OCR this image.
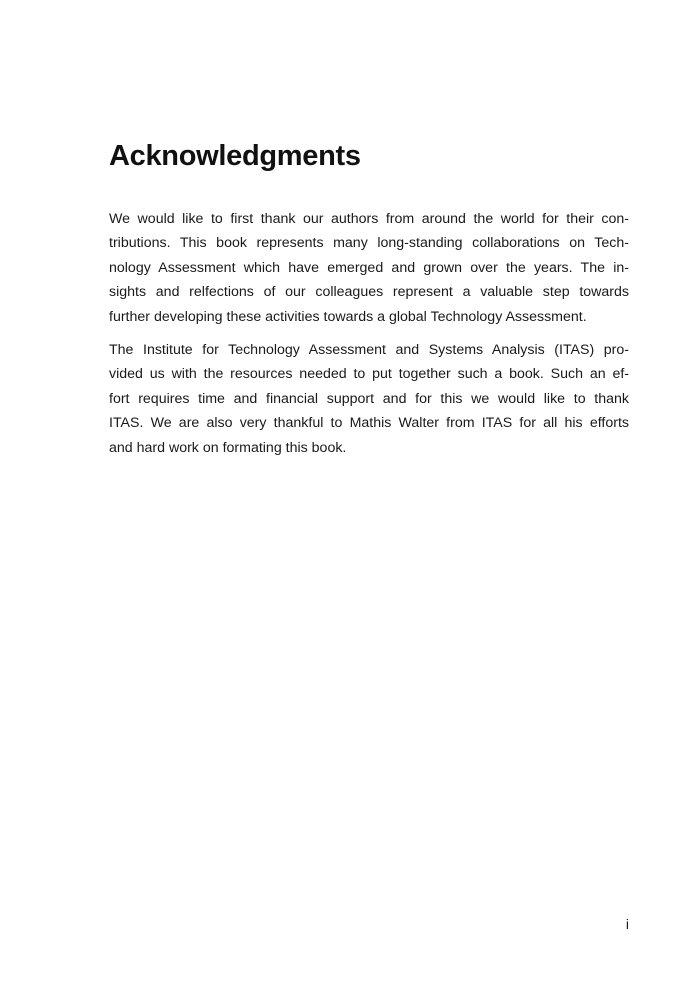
Acknowledgments

We would like to first thank our authors from around the world for their con-
tributions. This book represents many long-standing collaborations on Tech-
nology Assessment which have emerged and grown over the years. The in-
sights and relfections of our colleagues represent a valuable step towards
further developing these activities towards a global Technology Assessment.

The Institute for Technology Assessment and Systems Analysis (ITAS) pro-
vided us with the resources needed to put together such a book. Such an ef-
fort requires time and financial support and for this we would like to thank
ITAS. We are also very thankful to Mathis Walter from ITAS for all his efforts
and hard work on formating this book.

i
